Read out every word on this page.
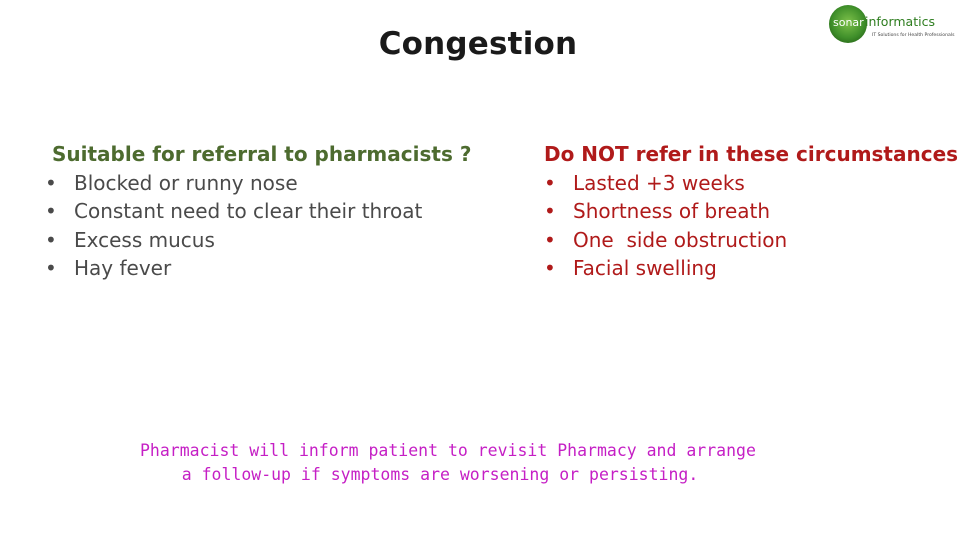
Congestion
sonar informatics
IT Solutions for Health Professionals

Suitable for referral to pharmacists ?

• Blocked or runny nose
• Constant need to clear their throat
• Excess mucus
• Hay fever

Do NOT refer in these circumstances

• Lasted +3 weeks
• Shortness of breath
• One  side obstruction
• Facial swelling
Pharmacist will inform patient to revisit Pharmacy and arrange
a follow-up if symptoms are worsening or persisting.
